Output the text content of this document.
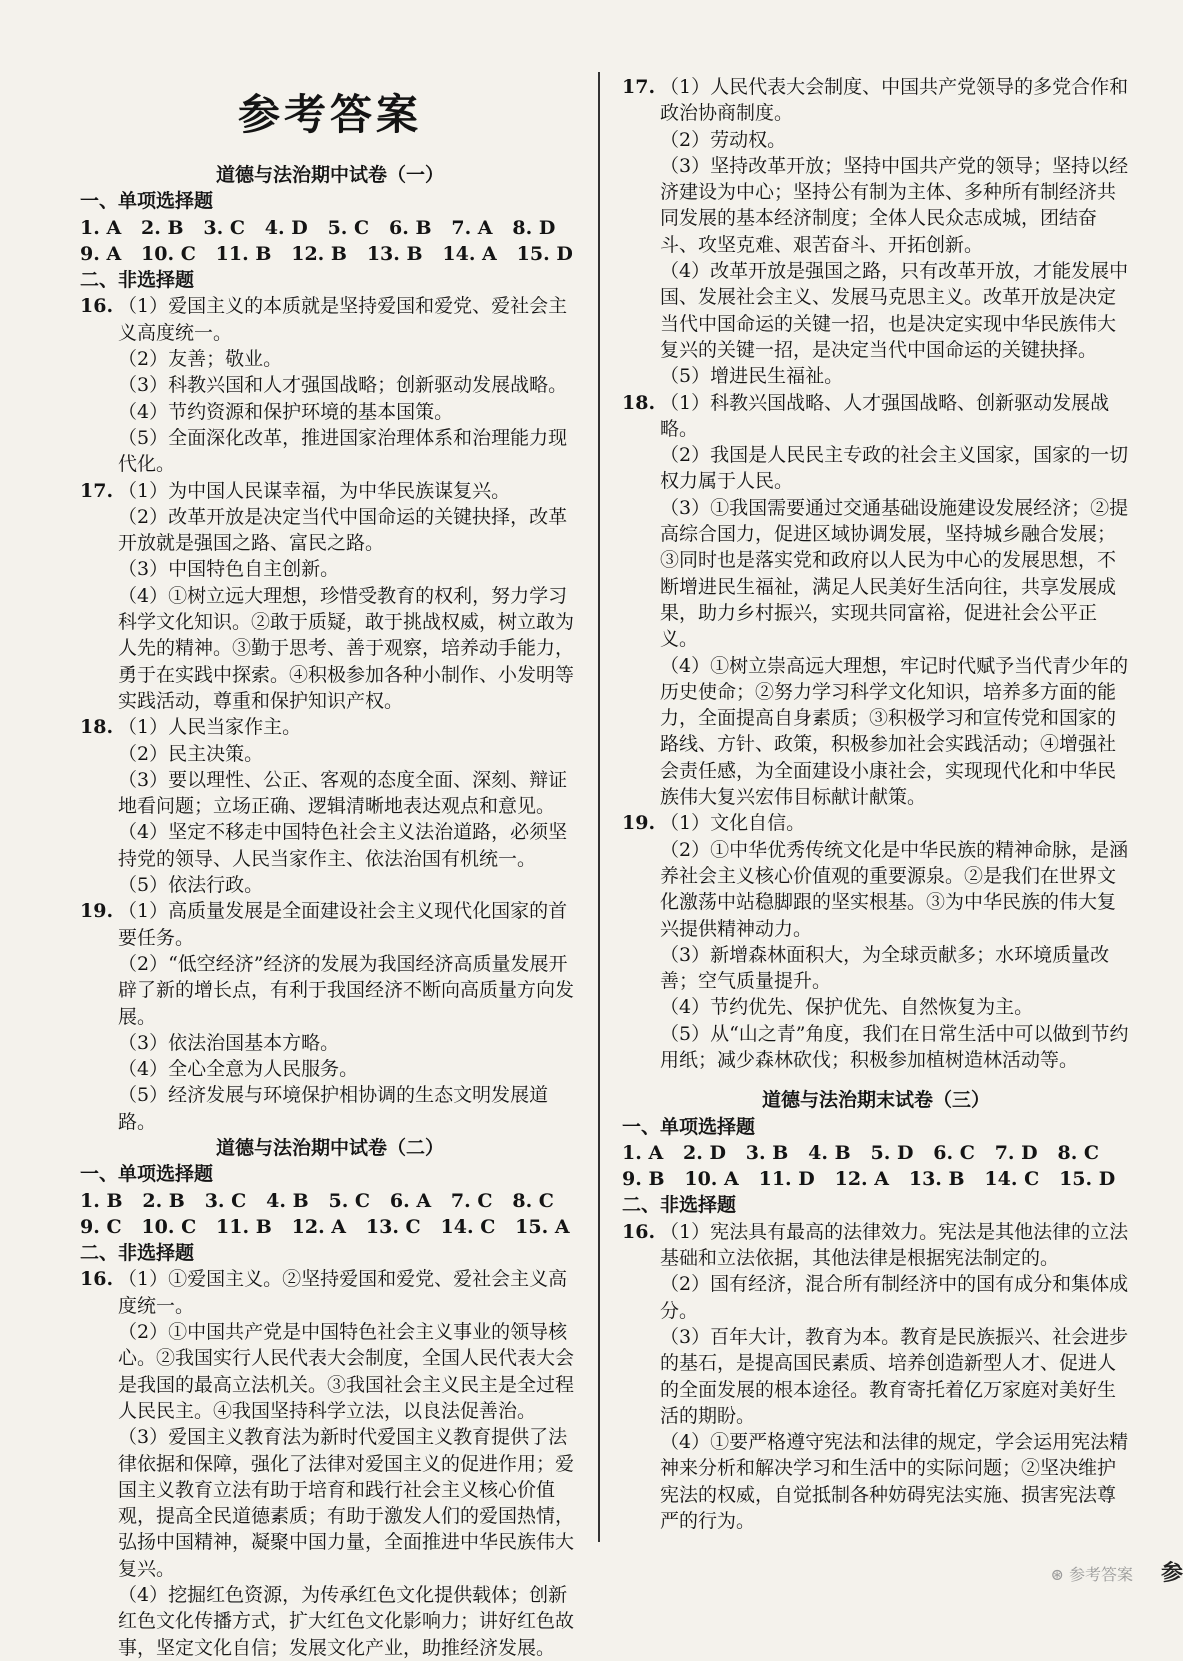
参考答案
道德与法治期中试卷（一）
一、单项选择题
1. A   2. B   3. C   4. D   5. C   6. B   7. A   8. D
9. A   10. C   11. B   12. B   13. B   14. A   15. D
二、非选择题
16. （1）爱国主义的本质就是坚持爱国和爱党、爱社会主义高度统一。
（2）友善；敬业。
（3）科教兴国和人才强国战略；创新驱动发展战略。
（4）节约资源和保护环境的基本国策。
（5）全面深化改革，推进国家治理体系和治理能力现代化。
17. （1）为中国人民谋幸福，为中华民族谋复兴。
（2）改革开放是决定当代中国命运的关键抉择，改革开放就是强国之路、富民之路。
（3）中国特色自主创新。
（4）①树立远大理想，珍惜受教育的权利，努力学习科学文化知识。②敢于质疑，敢于挑战权威，树立敢为人先的精神。③勤于思考、善于观察，培养动手能力，勇于在实践中探索。④积极参加各种小制作、小发明等实践活动，尊重和保护知识产权。
18. （1）人民当家作主。
（2）民主决策。
（3）要以理性、公正、客观的态度全面、深刻、辩证地看问题；立场正确、逻辑清晰地表达观点和意见。
（4）坚定不移走中国特色社会主义法治道路，必须坚持党的领导、人民当家作主、依法治国有机统一。
（5）依法行政。
19. （1）高质量发展是全面建设社会主义现代化国家的首要任务。
（2）“低空经济”经济的发展为我国经济高质量发展开辟了新的增长点，有利于我国经济不断向高质量方向发展。
（3）依法治国基本方略。
（4）全心全意为人民服务。
（5）经济发展与环境保护相协调的生态文明发展道路。
道德与法治期中试卷（二）
一、单项选择题
1. B   2. B   3. C   4. B   5. C   6. A   7. C   8. C
9. C   10. C   11. B   12. A   13. C   14. C   15. A
二、非选择题
16. （1）①爱国主义。②坚持爱国和爱党、爱社会主义高度统一。
（2）①中国共产党是中国特色社会主义事业的领导核心。②我国实行人民代表大会制度，全国人民代表大会是我国的最高立法机关。③我国社会主义民主是全过程人民民主。④我国坚持科学立法，以良法促善治。
（3）爱国主义教育法为新时代爱国主义教育提供了法律依据和保障，强化了法律对爱国主义的促进作用；爱国主义教育立法有助于培育和践行社会主义核心价值观，提高全民道德素质；有助于激发人们的爱国热情，弘扬中国精神，凝聚中国力量，全面推进中华民族伟大复兴。
（4）挖掘红色资源，为传承红色文化提供载体；创新红色文化传播方式，扩大红色文化影响力；讲好红色故事，坚定文化自信；发展文化产业，助推经济发展。
17. （1）人民代表大会制度、中国共产党领导的多党合作和政治协商制度。
（2）劳动权。
（3）坚持改革开放；坚持中国共产党的领导；坚持以经济建设为中心；坚持公有制为主体、多种所有制经济共同发展的基本经济制度；全体人民众志成城，团结奋斗、攻坚克难、艰苦奋斗、开拓创新。
（4）改革开放是强国之路，只有改革开放，才能发展中国、发展社会主义、发展马克思主义。改革开放是决定当代中国命运的关键一招，也是决定实现中华民族伟大复兴的关键一招，是决定当代中国命运的关键抉择。
（5）增进民生福祉。
18. （1）科教兴国战略、人才强国战略、创新驱动发展战略。
（2）我国是人民民主专政的社会主义国家，国家的一切权力属于人民。
（3）①我国需要通过交通基础设施建设发展经济；②提高综合国力，促进区域协调发展，坚持城乡融合发展；③同时也是落实党和政府以人民为中心的发展思想，不断增进民生福祉，满足人民美好生活向往，共享发展成果，助力乡村振兴，实现共同富裕，促进社会公平正义。
（4）①树立崇高远大理想，牢记时代赋予当代青少年的历史使命；②努力学习科学文化知识，培养多方面的能力，全面提高自身素质；③积极学习和宣传党和国家的路线、方针、政策，积极参加社会实践活动；④增强社会责任感，为全面建设小康社会，实现现代化和中华民族伟大复兴宏伟目标献计献策。
19. （1）文化自信。
（2）①中华优秀传统文化是中华民族的精神命脉，是涵养社会主义核心价值观的重要源泉。②是我们在世界文化激荡中站稳脚跟的坚实根基。③为中华民族的伟大复兴提供精神动力。
（3）新增森林面积大，为全球贡献多；水环境质量改善；空气质量提升。
（4）节约优先、保护优先、自然恢复为主。
（5）从“山之青”角度，我们在日常生活中可以做到节约用纸；减少森林砍伐；积极参加植树造林活动等。
道德与法治期末试卷（三）
一、单项选择题
1. A   2. D   3. B   4. B   5. D   6. C   7. D   8. C
9. B   10. A   11. D   12. A   13. B   14. C   15. D
二、非选择题
16. （1）宪法具有最高的法律效力。宪法是其他法律的立法基础和立法依据，其他法律是根据宪法制定的。
（2）国有经济，混合所有制经济中的国有成分和集体成分。
（3）百年大计，教育为本。教育是民族振兴、社会进步的基石，是提高国民素质、培养创造新型人才、促进人的全面发展的根本途径。教育寄托着亿万家庭对美好生活的期盼。
（4）①要严格遵守宪法和法律的规定，学会运用宪法精神来分析和解决学习和生活中的实际问题；②坚决维护宪法的权威，自觉抵制各种妨碍宪法实施、损害宪法尊严的行为。
⊛ 参考答案 参
